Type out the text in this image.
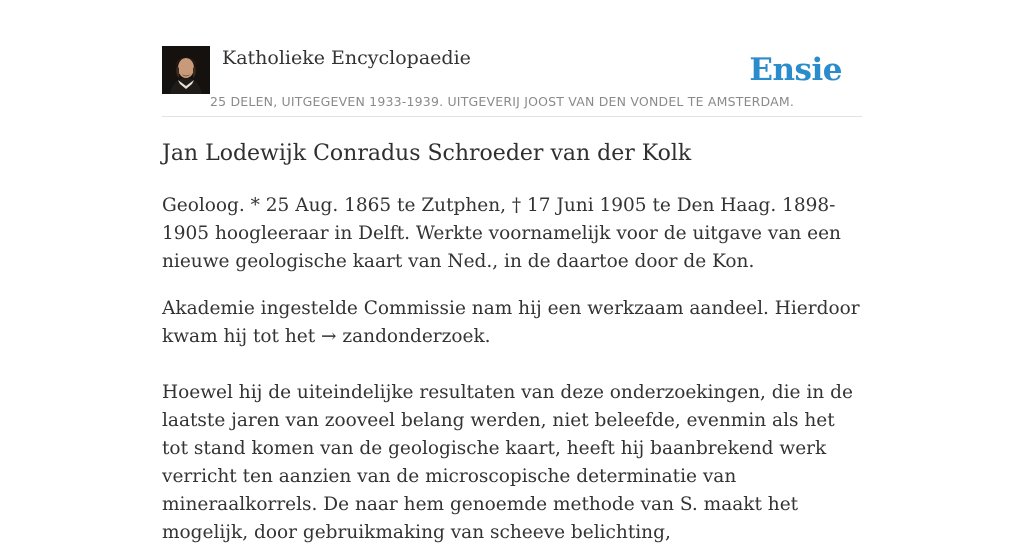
Katholieke Encyclopaedie
25 DELEN, UITGEGEVEN 1933-1939. UITGEVERIJ JOOST VAN DEN VONDEL TE AMSTERDAM.
Ensie
Jan Lodewijk Conradus Schroeder van der Kolk

Geoloog. * 25 Aug. 1865 te Zutphen, † 17 Juni 1905 te Den Haag. 1898-1905 hoogleeraar in Delft. Werkte voornamelijk voor de uitgave van een nieuwe geologische kaart van Ned., in de daartoe door de Kon.

Akademie ingestelde Commissie nam hij een werkzaam aandeel. Hierdoor kwam hij tot het → zandonderzoek.

Hoewel hij de uiteindelijke resultaten van deze onderzoekingen, die in de laatste jaren van zooveel belang werden, niet beleefde, evenmin als het tot stand komen van de geologische kaart, heeft hij baanbrekend werk verricht ten aanzien van de microscopische determinatie van mineraalkorrels. De naar hem genoemde methode van S. maakt het mogelijk, door gebruikmaking van scheeve belichting,
